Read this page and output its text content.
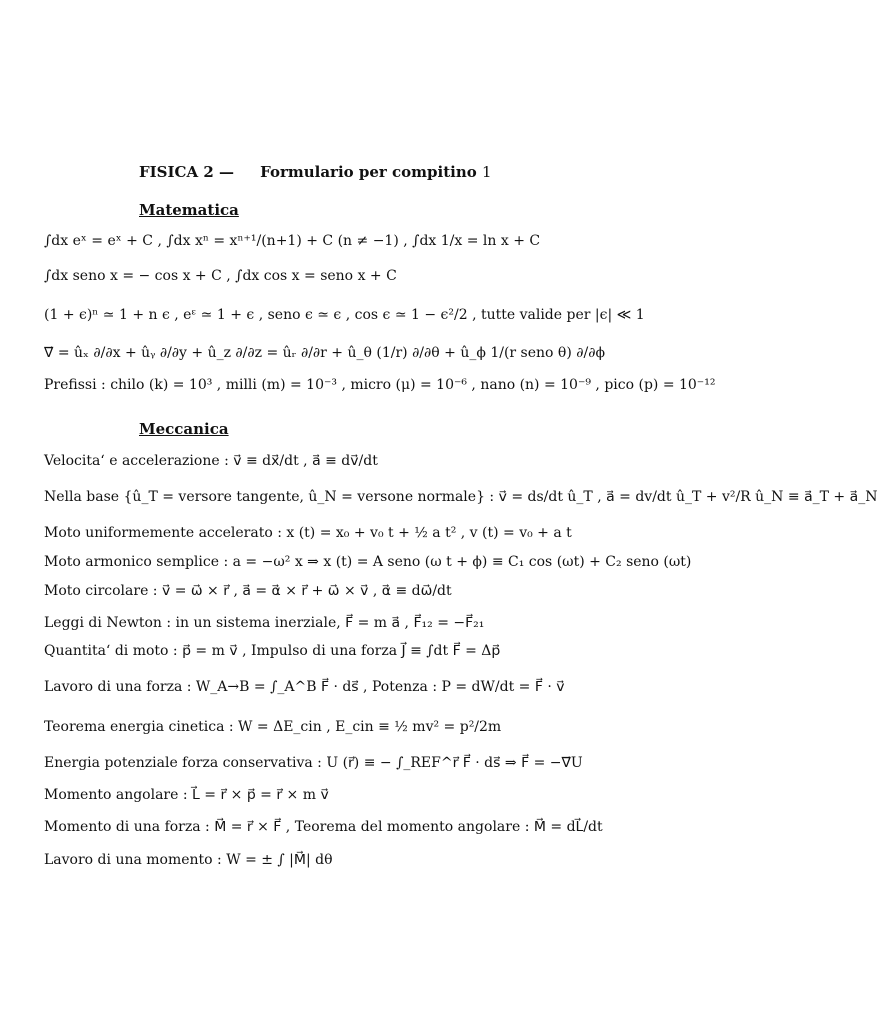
FISICA 2 — Formulario per compitino 1
Matematica
∫dx eˣ = eˣ + C , ∫dx xⁿ = xⁿ⁺¹/(n+1) + C (n ≠ −1) , ∫dx 1/x = ln x + C
∫dx seno x = − cos x + C , ∫dx cos x = seno x + C
(1 + ϵ)ⁿ ≃ 1 + n ϵ , eᵋ ≃ 1 + ϵ , seno ϵ ≃ ϵ , cos ϵ ≃ 1 − ϵ²/2 , tutte valide per |ϵ| ≪ 1
∇⃗ = ûₓ ∂/∂x + ûᵧ ∂/∂y + û_z ∂/∂z = ûᵣ ∂/∂r + û_θ (1/r) ∂/∂θ + û_ϕ 1/(r seno θ) ∂/∂ϕ
Prefissi : chilo (k) = 10³ , milli (m) = 10⁻³ , micro (μ) = 10⁻⁶ , nano (n) = 10⁻⁹ , pico (p) = 10⁻¹²
Meccanica
Velocita‘ e accelerazione : v⃗ ≡ dx⃗/dt , a⃗ ≡ dv⃗/dt
Nella base {û_T = versore tangente, û_N = versone normale} : v⃗ = ds/dt û_T , a⃗ = dv/dt û_T + v²/R û_N ≡ a⃗_T + a⃗_N
Moto uniformemente accelerato : x (t) = x₀ + v₀ t + ½ a t² , v (t) = v₀ + a t
Moto armonico semplice : a = −ω² x ⇒ x (t) = A seno (ω t + ϕ) ≡ C₁ cos (ωt) + C₂ seno (ωt)
Moto circolare : v⃗ = ω⃗ × r⃗ , a⃗ = α⃗ × r⃗ + ω⃗ × v⃗ , α⃗ ≡ dω⃗/dt
Leggi di Newton : in un sistema inerziale, F⃗ = m a⃗ , F⃗₁₂ = −F⃗₂₁
Quantita‘ di moto : p⃗ = m v⃗ , Impulso di una forza J⃗ ≡ ∫dt F⃗ = Δp⃗
Lavoro di una forza : W_A→B = ∫_A^B F⃗ · ds⃗ , Potenza : P = dW/dt = F⃗ · v⃗
Teorema energia cinetica : W = ΔE_cin , E_cin ≡ ½ mv² = p²/2m
Energia potenziale forza conservativa : U (r⃗) ≡ − ∫_REF^r⃗ F⃗ · ds⃗ ⇒ F⃗ = −∇⃗U
Momento angolare : L⃗ = r⃗ × p⃗ = r⃗ × m v⃗
Momento di una forza : M⃗ = r⃗ × F⃗ , Teorema del momento angolare : M⃗ = dL⃗/dt
Lavoro di una momento : W = ± ∫ |M⃗| dθ
